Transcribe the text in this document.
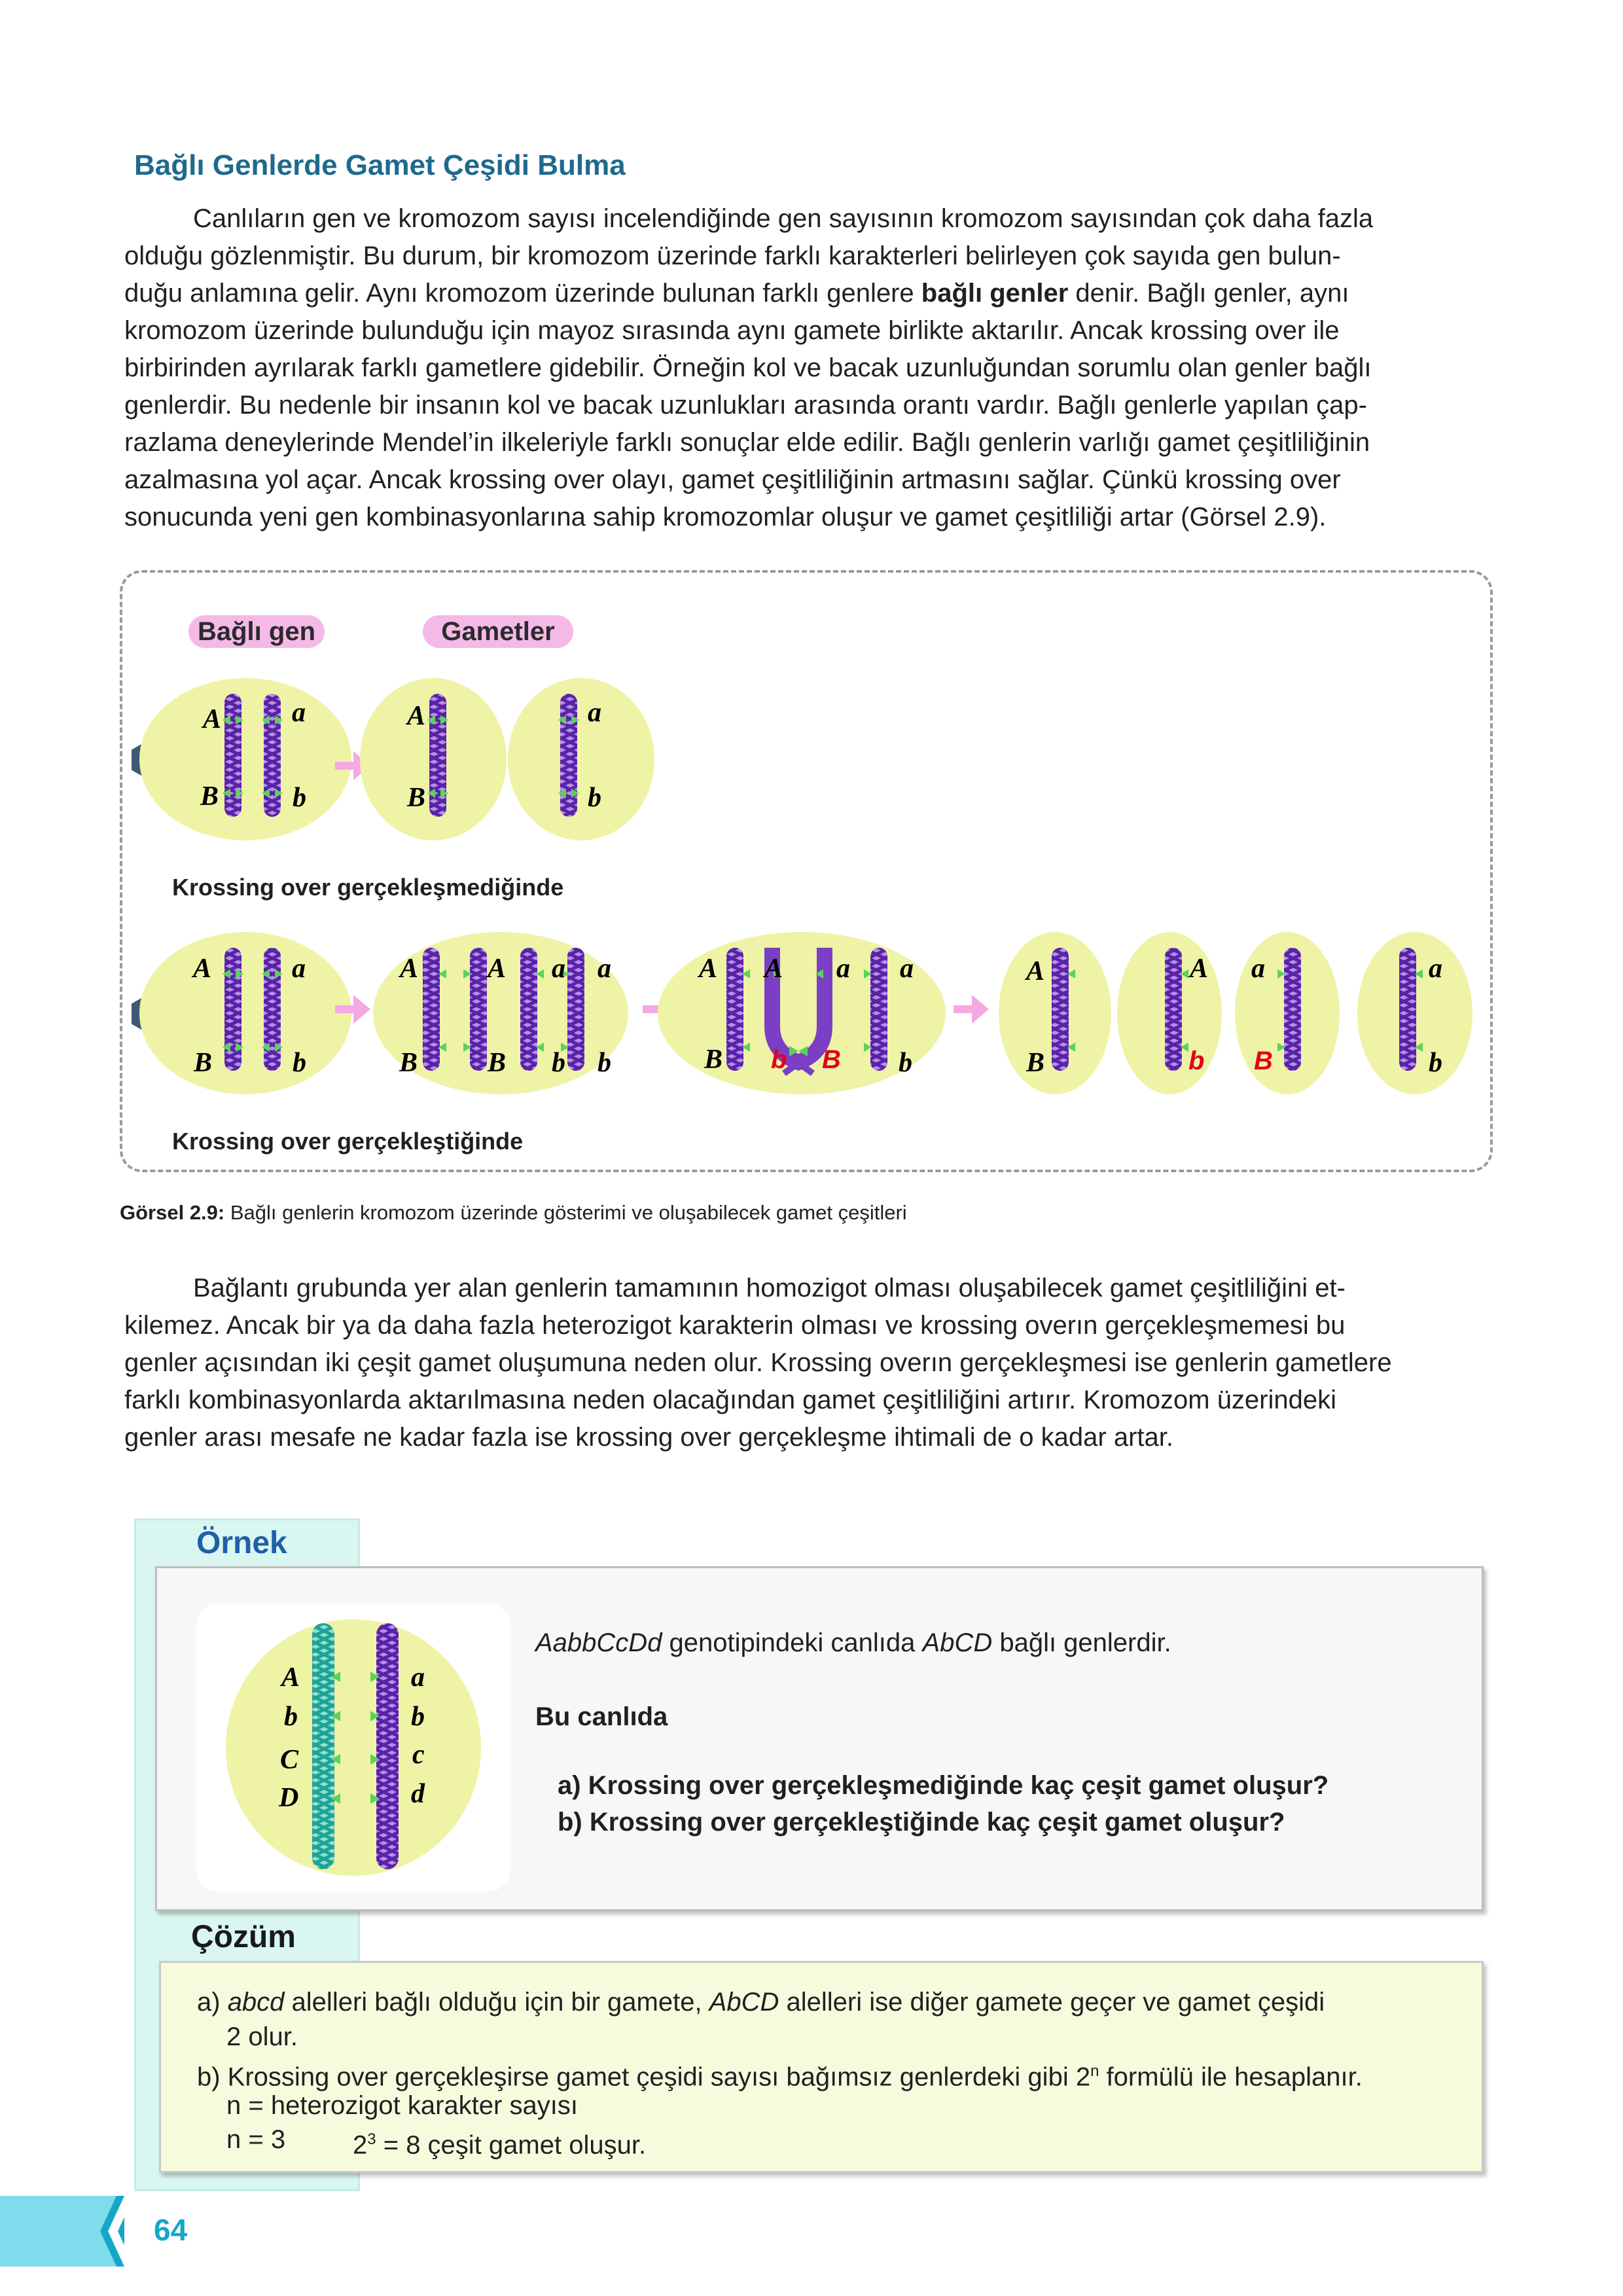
Bağlı Genlerde Gamet Çeşidi Bulma
Canlıların gen ve kromozom sayısı incelendiğinde gen sayısının kromozom sayısından çok daha fazla
olduğu gözlenmiştir. Bu durum, bir kromozom üzerinde farklı karakterleri belirleyen çok sayıda gen bulun-
duğu anlamına gelir. Aynı kromozom üzerinde bulunan farklı genlere bağlı genler denir. Bağlı genler, aynı
kromozom üzerinde bulunduğu için mayoz sırasında aynı gamete birlikte aktarılır. Ancak krossing over ile
birbirinden ayrılarak farklı gametlere gidebilir. Örneğin kol ve bacak uzunluğundan sorumlu olan genler bağlı
genlerdir. Bu nedenle bir insanın kol ve bacak uzunlukları arasında orantı vardır. Bağlı genlerle yapılan çap-
razlama deneylerinde Mendel’in ilkeleriyle farklı sonuçlar elde edilir. Bağlı genlerin varlığı gamet çeşitliliğinin
azalmasına yol açar. Ancak krossing over olayı, gamet çeşitliliğinin artmasını sağlar. Çünkü krossing over
sonucunda yeni gen kombinasyonlarına sahip kromozomlar oluşur ve gamet çeşitliliği artar (Görsel 2.9).
Bağlı gen	Gametler
Krossing over gerçekleşmediğinde
Krossing over gerçekleştiğinde
A	a
B	b
A
B
a
b
A	a
B	b
A	A a a
B	B b b
A A a a
B b B b
A
B
A
b
a
B
a
b
Görsel 2.9: Bağlı genlerin kromozom üzerinde gösterimi ve oluşabilecek gamet çeşitleri
Bağlantı grubunda yer alan genlerin tamamının homozigot olması oluşabilecek gamet çeşitliliğini et-
kilemez. Ancak bir ya da daha fazla heterozigot karakterin olması ve krossing overın gerçekleşmemesi bu
genler açısından iki çeşit gamet oluşumuna neden olur. Krossing overın gerçekleşmesi ise genlerin gametlere
farklı kombinasyonlarda aktarılmasına neden olacağından gamet çeşitliliğini artırır. Kromozom üzerindeki
genler arası mesafe ne kadar fazla ise krossing over gerçekleşme ihtimali de o kadar artar.
Örnek
A
b
C
D
a
b
c
d
AabbCcDd genotipindeki canlıda AbCD bağlı genlerdir.
Bu canlıda
a) Krossing over gerçekleşmediğinde kaç çeşit gamet oluşur?
b) Krossing over gerçekleştiğinde kaç çeşit gamet oluşur?
Çözüm
a) abcd alelleri bağlı olduğu için bir gamete, AbCD alelleri ise diğer gamete geçer ve gamet çeşidi
2 olur.
b) Krossing over gerçekleşirse gamet çeşidi sayısı bağımsız genlerdeki gibi 2$^n$ formülü ile hesaplanır.
n = heterozigot karakter sayısı
n = 3	$2^3 = 8$ çeşit gamet oluşur.
64
